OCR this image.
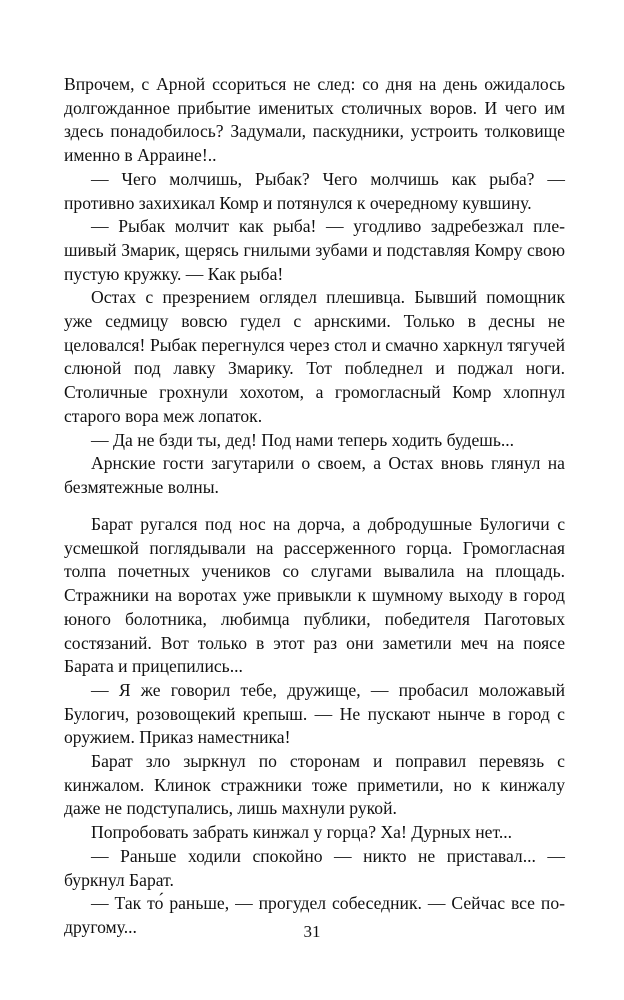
Впрочем, с Арной ссориться не след: со дня на день ожидалось долгожданное прибытие именитых столичных воров. И чего им здесь понадобилось? Задумали, паскудники, устроить толковище именно в Арраине!..

— Чего молчишь, Рыбак? Чего молчишь как рыба? — противно захихикал Комр и потянулся к очередному кувшину.

— Рыбак молчит как рыба! — угодливо задребезжал плешивый Змарик, щерясь гнилыми зубами и подставляя Комру свою пустую кружку. — Как рыба!

Остах с презрением оглядел плешивца. Бывший помощник уже седмицу вовсю гудел с арнскими. Только в десны не целовался! Рыбак перегнулся через стол и смачно харкнул тягучей слюной под лавку Змарику. Тот побледнел и поджал ноги. Столичные грохнули хохотом, а громогласный Комр хлопнул старого вора меж лопаток.

— Да не бзди ты, дед! Под нами теперь ходить будешь...

Арнские гости загутарили о своем, а Остах вновь глянул на безмятежные волны.

Барат ругался под нос на дорча, а добродушные Булогичи с усмешкой поглядывали на рассерженного горца. Громогласная толпа почетных учеников со слугами вывалила на площадь. Стражники на воротах уже привыкли к шумному выходу в город юного болотника, любимца публики, победителя Паготовых состязаний. Вот только в этот раз они заметили меч на поясе Барата и прицепились...

— Я же говорил тебе, дружище, — пробасил моложавый Булогич, розовощекий крепыш. — Не пускают нынче в город с оружием. Приказ наместника!

Барат зло зыркнул по сторонам и поправил перевязь с кинжалом. Клинок стражники тоже приметили, но к кинжалу даже не подступались, лишь махнули рукой.

Попробовать забрать кинжал у горца? Ха! Дурных нет...

— Раньше ходили спокойно — никто не приставал... — буркнул Барат.

— Так то́ раньше, — прогудел собеседник. — Сейчас все по-другому...	31
